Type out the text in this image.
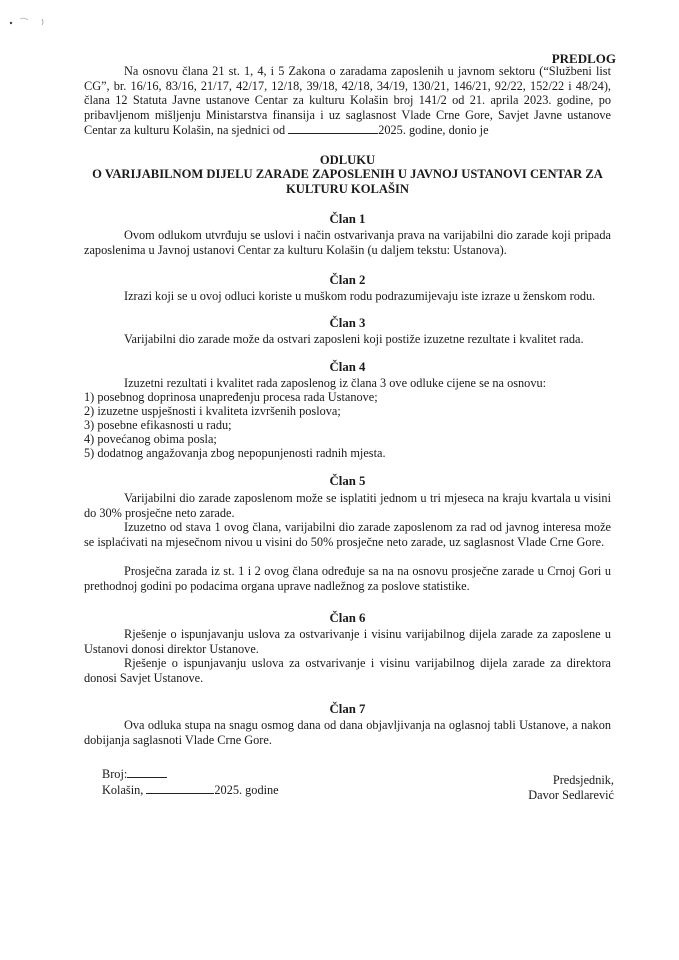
PREDLOG
Na osnovu člana 21 st. 1, 4, i 5 Zakona o zaradama zaposlenih u javnom sektoru (“Službeni list CG”, br. 16/16, 83/16, 21/17, 42/17, 12/18, 39/18, 42/18, 34/19, 130/21, 146/21, 92/22, 152/22 i 48/24), člana 12 Statuta Javne ustanove Centar za kulturu Kolašin broj 141/2 od 21. aprila 2023. godine, po pribavljenom mišljenju Ministarstva finansija i uz saglasnost Vlade Crne Gore, Savjet Javne ustanove Centar za kulturu Kolašin, na sjednici od	2025. godine, donio je
ODLUKU
O VARIJABILNOM DIJELU ZARADE ZAPOSLENIH U JAVNOJ USTANOVI CENTAR ZA KULTURU KOLAŠIN
Član 1
Ovom odlukom utvrđuju se uslovi i način ostvarivanja prava na varijabilni dio zarade koji pripada zaposlenima u Javnoj ustanovi Centar za kulturu Kolašin (u daljem tekstu: Ustanova).
Član 2
Izrazi koji se u ovoj odluci koriste u muškom rodu podrazumijevaju iste izraze u ženskom rodu.
Član 3
Varijabilni dio zarade može da ostvari zaposleni koji postiže izuzetne rezultate i kvalitet rada.
Član 4
Izuzetni rezultati i kvalitet rada zaposlenog iz člana 3 ove odluke cijene se na osnovu:
1) posebnog doprinosa unapređenju procesa rada Ustanove;
2) izuzetne uspješnosti i kvaliteta izvršenih poslova;
3) posebne efikasnosti u radu;
4) povećanog obima posla;
5) dodatnog angažovanja zbog nepopunjenosti radnih mjesta.
Član 5
Varijabilni dio zarade zaposlenom može se isplatiti jednom u tri mjeseca na kraju kvartala u visini do 30% prosječne neto zarade.
Izuzetno od stava 1 ovog člana, varijabilni dio zarade zaposlenom za rad od javnog interesa može se isplaćivati na mjesečnom nivou u visini do 50% prosječne neto zarade, uz saglasnost Vlade Crne Gore.
Prosječna zarada iz st. 1 i 2 ovog člana određuje sa na na osnovu prosječne zarade u Crnoj Gori u prethodnoj godini po podacima organa uprave nadležnog za poslove statistike.
Član 6
Rješenje o ispunjavanju uslova za ostvarivanje i visinu varijabilnog dijela zarade za zaposlene u Ustanovi donosi direktor Ustanove.
Rješenje o ispunjavanju uslova za ostvarivanje i visinu varijabilnog dijela zarade za direktora donosi Savjet Ustanove.
Član 7
Ova odluka stupa na snagu osmog dana od dana objavljivanja na oglasnoj tabli Ustanove, a nakon dobijanja saglasnoti Vlade Crne Gore.
Broj:
Kolašin,	2025. godine
Predsjednik,
Davor Sedlarević
